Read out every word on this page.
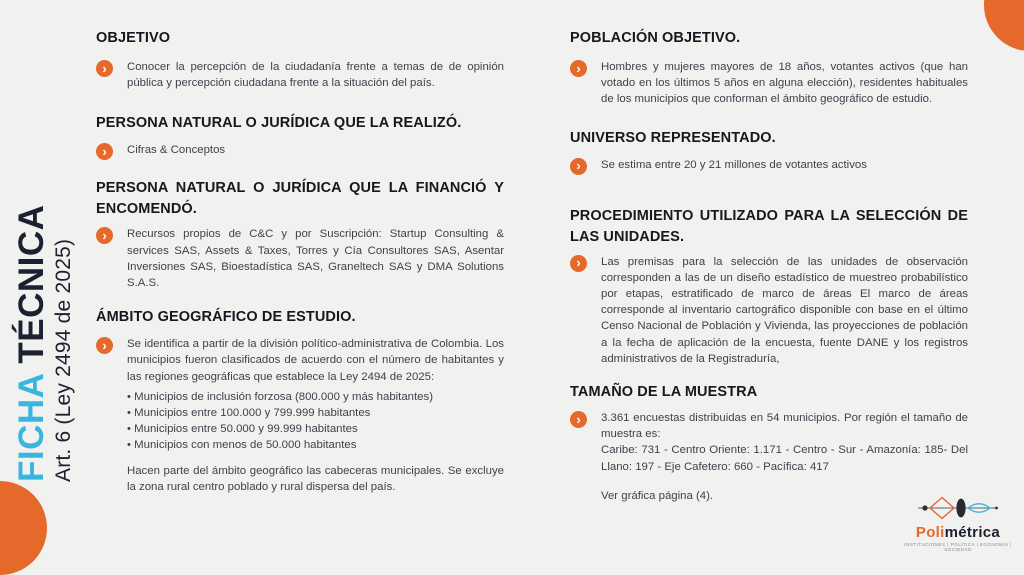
FICHA TÉCNICA Art. 6 (Ley 2494 de 2025)
OBJETIVO
›	Conocer la percepción de la ciudadanía frente a temas de de opinión pública y percepción ciudadana frente a la situación del país.
PERSONA NATURAL O JURÍDICA QUE LA REALIZÓ.
›	Cifras & Conceptos
PERSONA NATURAL O JURÍDICA QUE LA FINANCIÓ Y ENCOMENDÓ.
›	Recursos propios de C&C y por Suscripción: Startup Consulting & services SAS, Assets & Taxes, Torres y Cía Consultores SAS, Asentar Inversiones SAS, Bioestadística SAS, Graneltech SAS y DMA Solutions S.A.S.
ÁMBITO GEOGRÁFICO DE ESTUDIO.
›	Se identifica a partir de la división político-administrativa de Colombia. Los municipios fueron clasificados de acuerdo con el número de habitantes y las regiones geográficas que establece la Ley 2494 de 2025:
• Municipios de inclusión forzosa (800.000 y más habitantes)
• Municipios entre 100.000 y 799.999 habitantes
• Municipios entre 50.000 y 99.999 habitantes
• Municipios con menos de 50.000 habitantes
Hacen parte del ámbito geográfico las cabeceras municipales. Se excluye la zona rural centro poblado y rural dispersa del país.
POBLACIÓN OBJETIVO.
›	Hombres y mujeres mayores de 18 años, votantes activos (que han votado en los últimos 5 años en alguna elección), residentes habituales de los municipios que conforman el ámbito geográfico de estudio.
UNIVERSO REPRESENTADO.
›	Se estima entre 20 y 21 millones de votantes activos
PROCEDIMIENTO UTILIZADO PARA LA SELECCIÓN DE LAS UNIDADES.
›	Las premisas para la selección de las unidades de observación corresponden a las de un diseño estadístico de muestreo probabilístico por etapas, estratificado de marco de áreas El marco de áreas corresponde al inventario cartográfico disponible con base en el último Censo Nacional de Población y Vivienda, las proyecciones de población a la fecha de aplicación de la encuesta, fuente DANE y los registros administrativos de la Registraduría,
TAMAÑO DE LA MUESTRA
›	3.361 encuestas distribuidas en 54 municipios. Por región el tamaño de muestra es:
Caribe: 731 - Centro Oriente: 1.171 - Centro - Sur - Amazonía: 185- Del Llano: 197 - Eje Cafetero: 660 - Pacífica: 417
Ver gráfica página (4).
Polimétrica
INSTITUCIONES | POLÍTICA | ECONOMÍA | SOCIEDAD
